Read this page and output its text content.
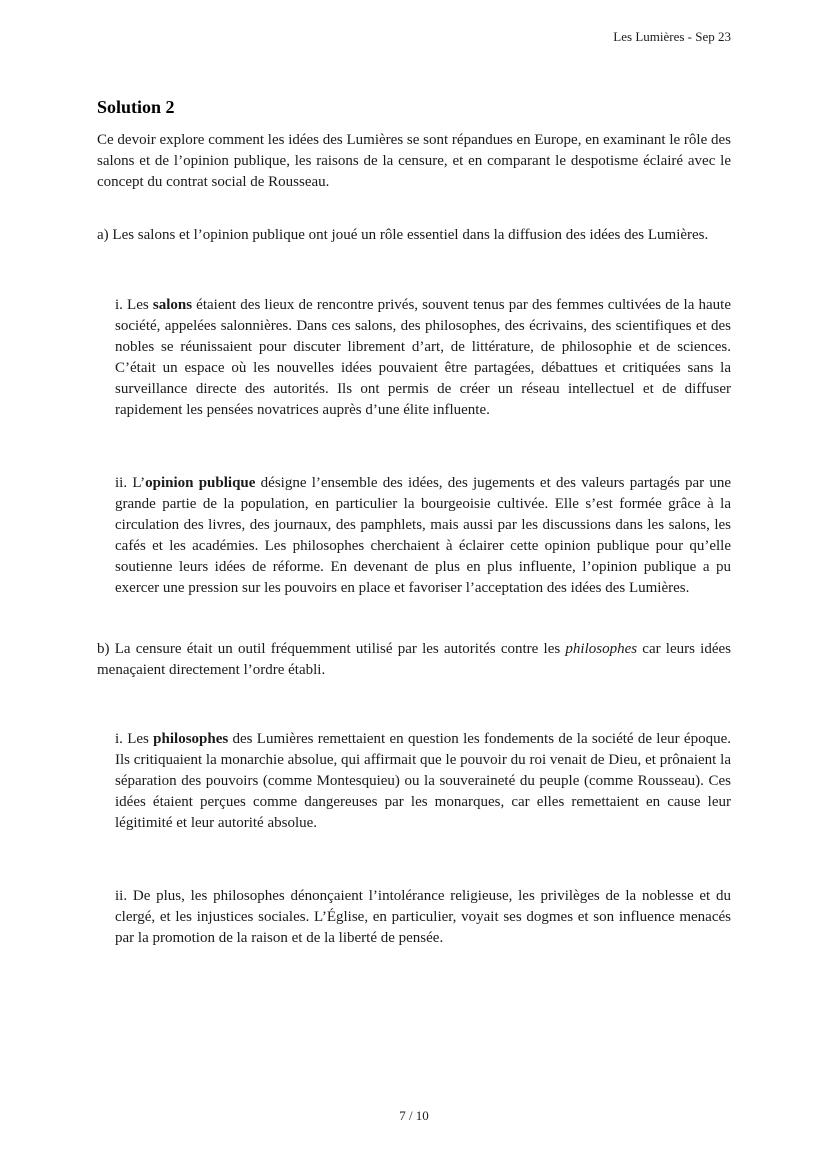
Les Lumières - Sep 23
Solution 2

Ce devoir explore comment les idées des Lumières se sont répandues en Europe, en examinant le rôle des salons et de l’opinion publique, les raisons de la censure, et en comparant le despotisme éclairé avec le concept du contrat social de Rousseau.

a) Les salons et l’opinion publique ont joué un rôle essentiel dans la diffusion des idées des Lumières.

i. Les salons étaient des lieux de rencontre privés, souvent tenus par des femmes cultivées de la haute société, appelées salonnières. Dans ces salons, des philosophes, des écrivains, des scientifiques et des nobles se réunissaient pour discuter librement d’art, de littérature, de philosophie et de sciences. C’était un espace où les nouvelles idées pouvaient être partagées, débattues et critiquées sans la surveillance directe des autorités. Ils ont permis de créer un réseau intellectuel et de diffuser rapidement les pensées novatrices auprès d’une élite influente.
ii. L’opinion publique désigne l’ensemble des idées, des jugements et des valeurs partagés par une grande partie de la population, en particulier la bourgeoisie cultivée. Elle s’est formée grâce à la circulation des livres, des journaux, des pamphlets, mais aussi par les discussions dans les salons, les cafés et les académies. Les philosophes cherchaient à éclairer cette opinion publique pour qu’elle soutienne leurs idées de réforme. En devenant de plus en plus influente, l’opinion publique a pu exercer une pression sur les pouvoirs en place et favoriser l’acceptation des idées des Lumières.

b) La censure était un outil fréquemment utilisé par les autorités contre les philosophes car leurs idées menaçaient directement l’ordre établi.

i. Les philosophes des Lumières remettaient en question les fondements de la société de leur époque. Ils critiquaient la monarchie absolue, qui affirmait que le pouvoir du roi venait de Dieu, et prônaient la séparation des pouvoirs (comme Montesquieu) ou la souveraineté du peuple (comme Rousseau). Ces idées étaient perçues comme dangereuses par les monarques, car elles remettaient en cause leur légitimité et leur autorité absolue.
ii. De plus, les philosophes dénonçaient l’intolérance religieuse, les privilèges de la noblesse et du clergé, et les injustices sociales. L’Église, en particulier, voyait ses dogmes et son influence menacés par la promotion de la raison et de la liberté de pensée.
7 / 10
